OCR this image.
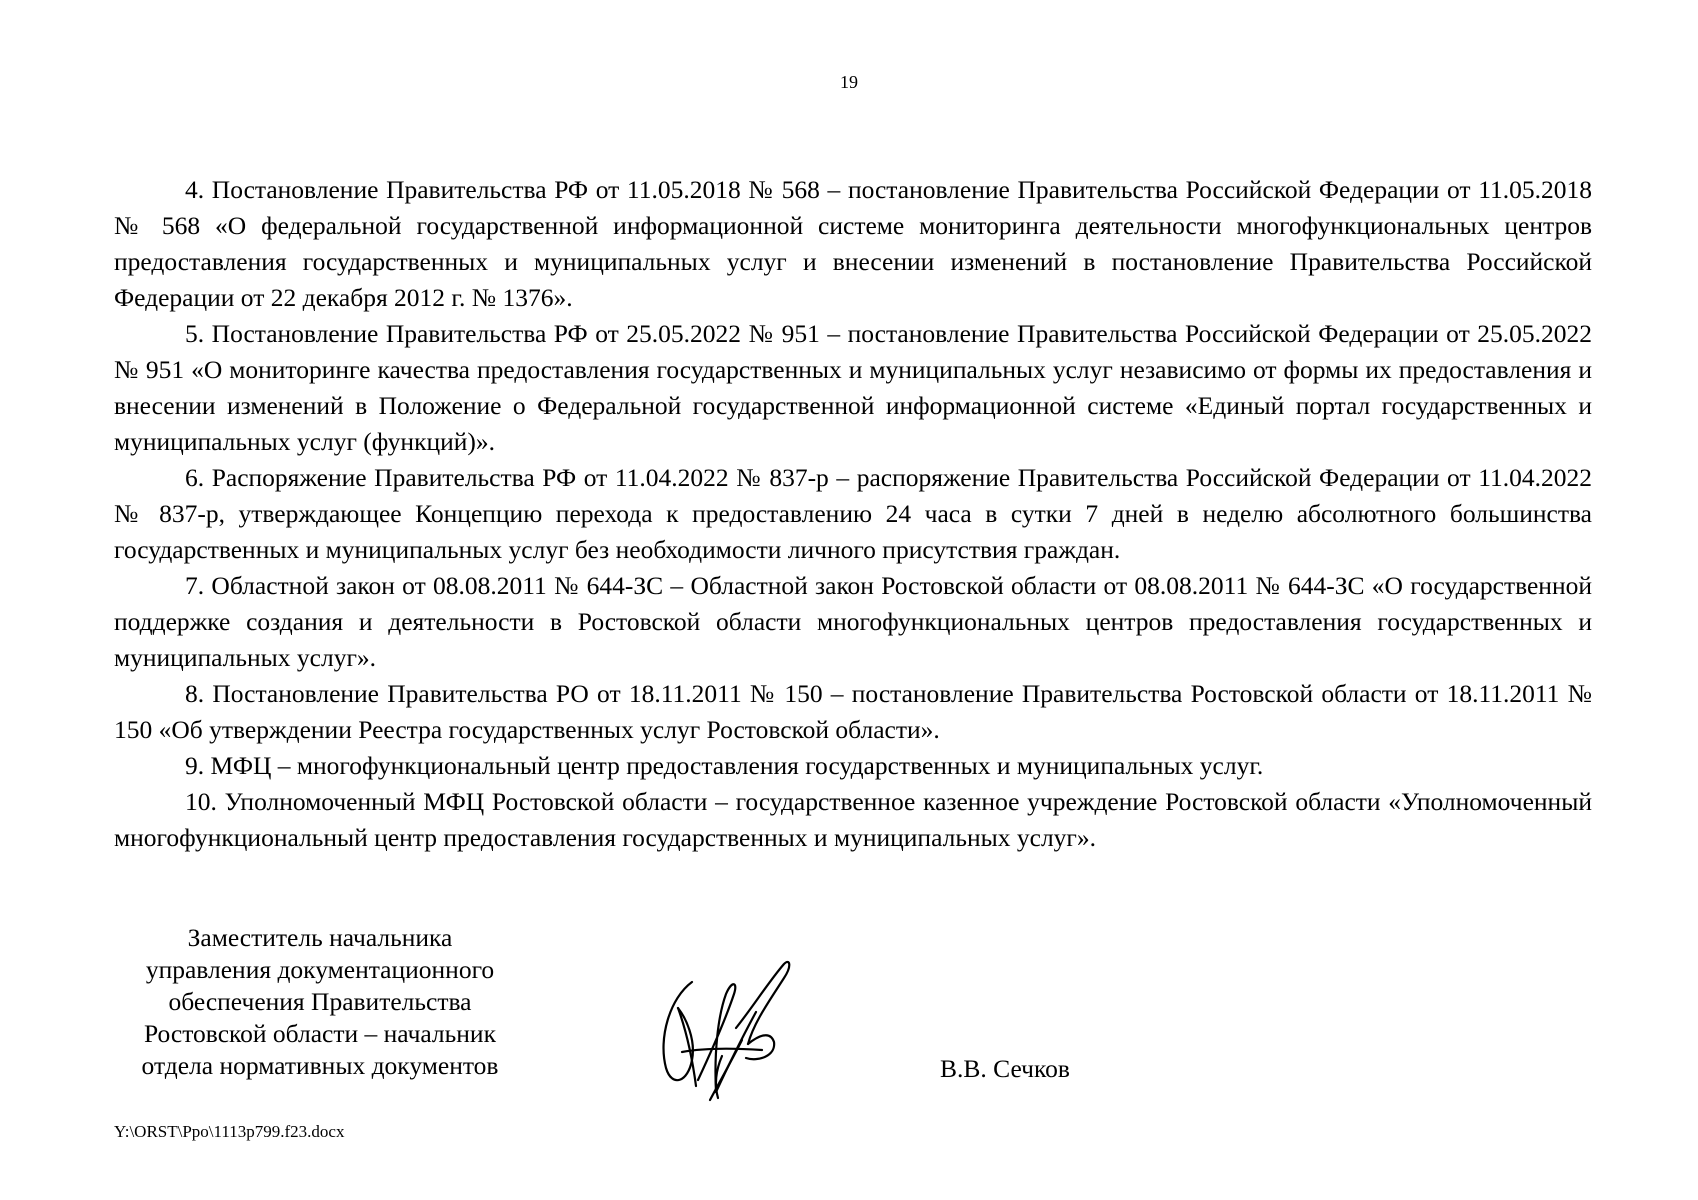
19

4. Постановление Правительства РФ от 11.05.2018 № 568 – постановление Правительства Российской Федерации от 11.05.2018 № 568 «О федеральной государственной информационной системе мониторинга деятельности многофункциональных центров предоставления государственных и муниципальных услуг и внесении изменений в постановление Правительства Российской Федерации от 22 декабря 2012 г. № 1376».

5. Постановление Правительства РФ от 25.05.2022 № 951 – постановление Правительства Российской Федерации от 25.05.2022 № 951 «О мониторинге качества предоставления государственных и муниципальных услуг независимо от формы их предоставления и внесении изменений в Положение о Федеральной государственной информационной системе «Единый портал государственных и муниципальных услуг (функций)».

6. Распоряжение Правительства РФ от 11.04.2022 № 837-р – распоряжение Правительства Российской Федерации от 11.04.2022 № 837-р, утверждающее Концепцию перехода к предоставлению 24 часа в сутки 7 дней в неделю абсолютного большинства государственных и муниципальных услуг без необходимости личного присутствия граждан.

7. Областной закон от 08.08.2011 № 644-ЗС – Областной закон Ростовской области от 08.08.2011 № 644-ЗС «О государственной поддержке создания и деятельности в Ростовской области многофункциональных центров предоставления государственных и муниципальных услуг».

8. Постановление Правительства РО от 18.11.2011 № 150 – постановление Правительства Ростовской области от 18.11.2011 № 150 «Об утверждении Реестра государственных услуг Ростовской области».

9. МФЦ – многофункциональный центр предоставления государственных и муниципальных услуг.

10. Уполномоченный МФЦ Ростовской области – государственное казенное учреждение Ростовской области «Уполномоченный многофункциональный центр предоставления государственных и муниципальных услуг».

Заместитель начальника
управления документационного
обеспечения Правительства
Ростовской области – начальник
отдела нормативных документов	В.В. Сечков
Y:\ORST\Ppo\1113p799.f23.docx
